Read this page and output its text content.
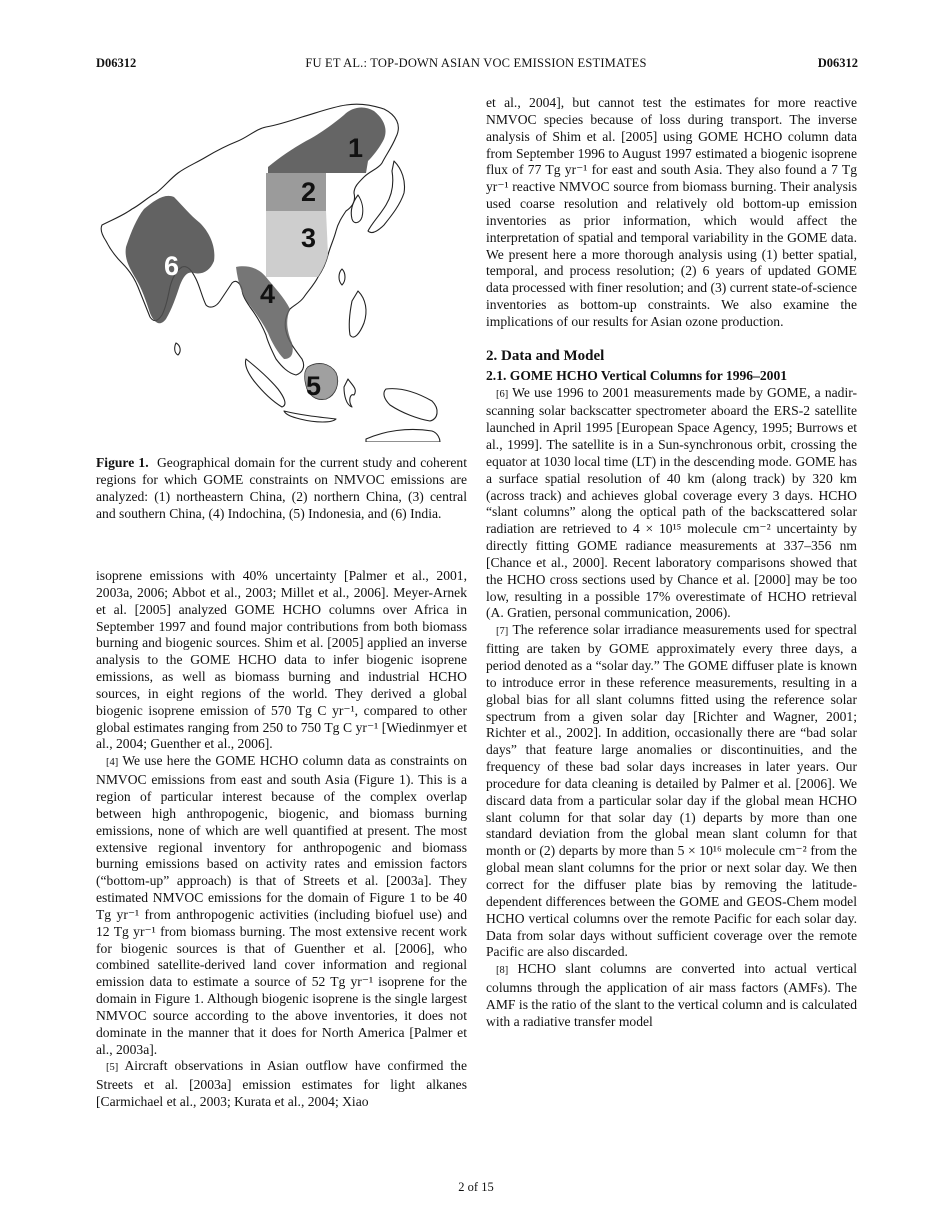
D06312	FU ET AL.: TOP-DOWN ASIAN VOC EMISSION ESTIMATES	D06312
1
2
3
4
5
6
Figure 1. Geographical domain for the current study and coherent regions for which GOME constraints on NMVOC emissions are analyzed: (1) northeastern China, (2) northern China, (3) central and southern China, (4) Indochina, (5) Indonesia, and (6) India.

isoprene emissions with 40% uncertainty [Palmer et al., 2001, 2003a, 2006; Abbot et al., 2003; Millet et al., 2006]. Meyer-Arnek et al. [2005] analyzed GOME HCHO columns over Africa in September 1997 and found major contributions from both biomass burning and biogenic sources. Shim et al. [2005] applied an inverse analysis to the GOME HCHO data to infer biogenic isoprene emissions, as well as biomass burning and industrial HCHO sources, in eight regions of the world. They derived a global biogenic isoprene emission of 570 Tg C yr⁻¹, compared to other global estimates ranging from 250 to 750 Tg C yr⁻¹ [Wiedinmyer et al., 2004; Guenther et al., 2006].

[4] We use here the GOME HCHO column data as constraints on NMVOC emissions from east and south Asia (Figure 1). This is a region of particular interest because of the complex overlap between high anthropogenic, biogenic, and biomass burning emissions, none of which are well quantified at present. The most extensive regional inventory for anthropogenic and biomass burning emissions based on activity rates and emission factors (“bottom-up” approach) is that of Streets et al. [2003a]. They estimated NMVOC emissions for the domain of Figure 1 to be 40 Tg yr⁻¹ from anthropogenic activities (including biofuel use) and 12 Tg yr⁻¹ from biomass burning. The most extensive recent work for biogenic sources is that of Guenther et al. [2006], who combined satellite-derived land cover information and regional emission data to estimate a source of 52 Tg yr⁻¹ isoprene for the domain in Figure 1. Although biogenic isoprene is the single largest NMVOC source according to the above inventories, it does not dominate in the manner that it does for North America [Palmer et al., 2003a].

[5] Aircraft observations in Asian outflow have confirmed the Streets et al. [2003a] emission estimates for light alkanes [Carmichael et al., 2003; Kurata et al., 2004; Xiao

et al., 2004], but cannot test the estimates for more reactive NMVOC species because of loss during transport. The inverse analysis of Shim et al. [2005] using GOME HCHO column data from September 1996 to August 1997 estimated a biogenic isoprene flux of 77 Tg yr⁻¹ for east and south Asia. They also found a 7 Tg yr⁻¹ reactive NMVOC source from biomass burning. Their analysis used coarse resolution and relatively old bottom-up emission inventories as prior information, which would affect the interpretation of spatial and temporal variability in the GOME data. We present here a more thorough analysis using (1) better spatial, temporal, and process resolution; (2) 6 years of updated GOME data processed with finer resolution; and (3) current state-of-science inventories as bottom-up constraints. We also examine the implications of our results for Asian ozone production.

2. Data and Model
2.1. GOME HCHO Vertical Columns for 1996–2001

[6] We use 1996 to 2001 measurements made by GOME, a nadir-scanning solar backscatter spectrometer aboard the ERS-2 satellite launched in April 1995 [European Space Agency, 1995; Burrows et al., 1999]. The satellite is in a Sun-synchronous orbit, crossing the equator at 1030 local time (LT) in the descending mode. GOME has a surface spatial resolution of 40 km (along track) by 320 km (across track) and achieves global coverage every 3 days. HCHO “slant columns” along the optical path of the backscattered solar radiation are retrieved to 4 × 10¹⁵ molecule cm⁻² uncertainty by directly fitting GOME radiance measurements at 337–356 nm [Chance et al., 2000]. Recent laboratory comparisons showed that the HCHO cross sections used by Chance et al. [2000] may be too low, resulting in a possible 17% overestimate of HCHO retrieval (A. Gratien, personal communication, 2006).

[7] The reference solar irradiance measurements used for spectral fitting are taken by GOME approximately every three days, a period denoted as a “solar day.” The GOME diffuser plate is known to introduce error in these reference measurements, resulting in a global bias for all slant columns fitted using the reference solar spectrum from a given solar day [Richter and Wagner, 2001; Richter et al., 2002]. In addition, occasionally there are “bad solar days” that feature large anomalies or discontinuities, and the frequency of these bad solar days increases in later years. Our procedure for data cleaning is detailed by Palmer et al. [2006]. We discard data from a particular solar day if the global mean HCHO slant column for that solar day (1) departs by more than one standard deviation from the global mean slant column for that month or (2) departs by more than 5 × 10¹⁶ molecule cm⁻² from the global mean slant columns for the prior or next solar day. We then correct for the diffuser plate bias by removing the latitude-dependent differences between the GOME and GEOS-Chem model HCHO vertical columns over the remote Pacific for each solar day. Data from solar days without sufficient coverage over the remote Pacific are also discarded.

[8] HCHO slant columns are converted into actual vertical columns through the application of air mass factors (AMFs). The AMF is the ratio of the slant to the vertical column and is calculated with a radiative transfer model

2 of 15
